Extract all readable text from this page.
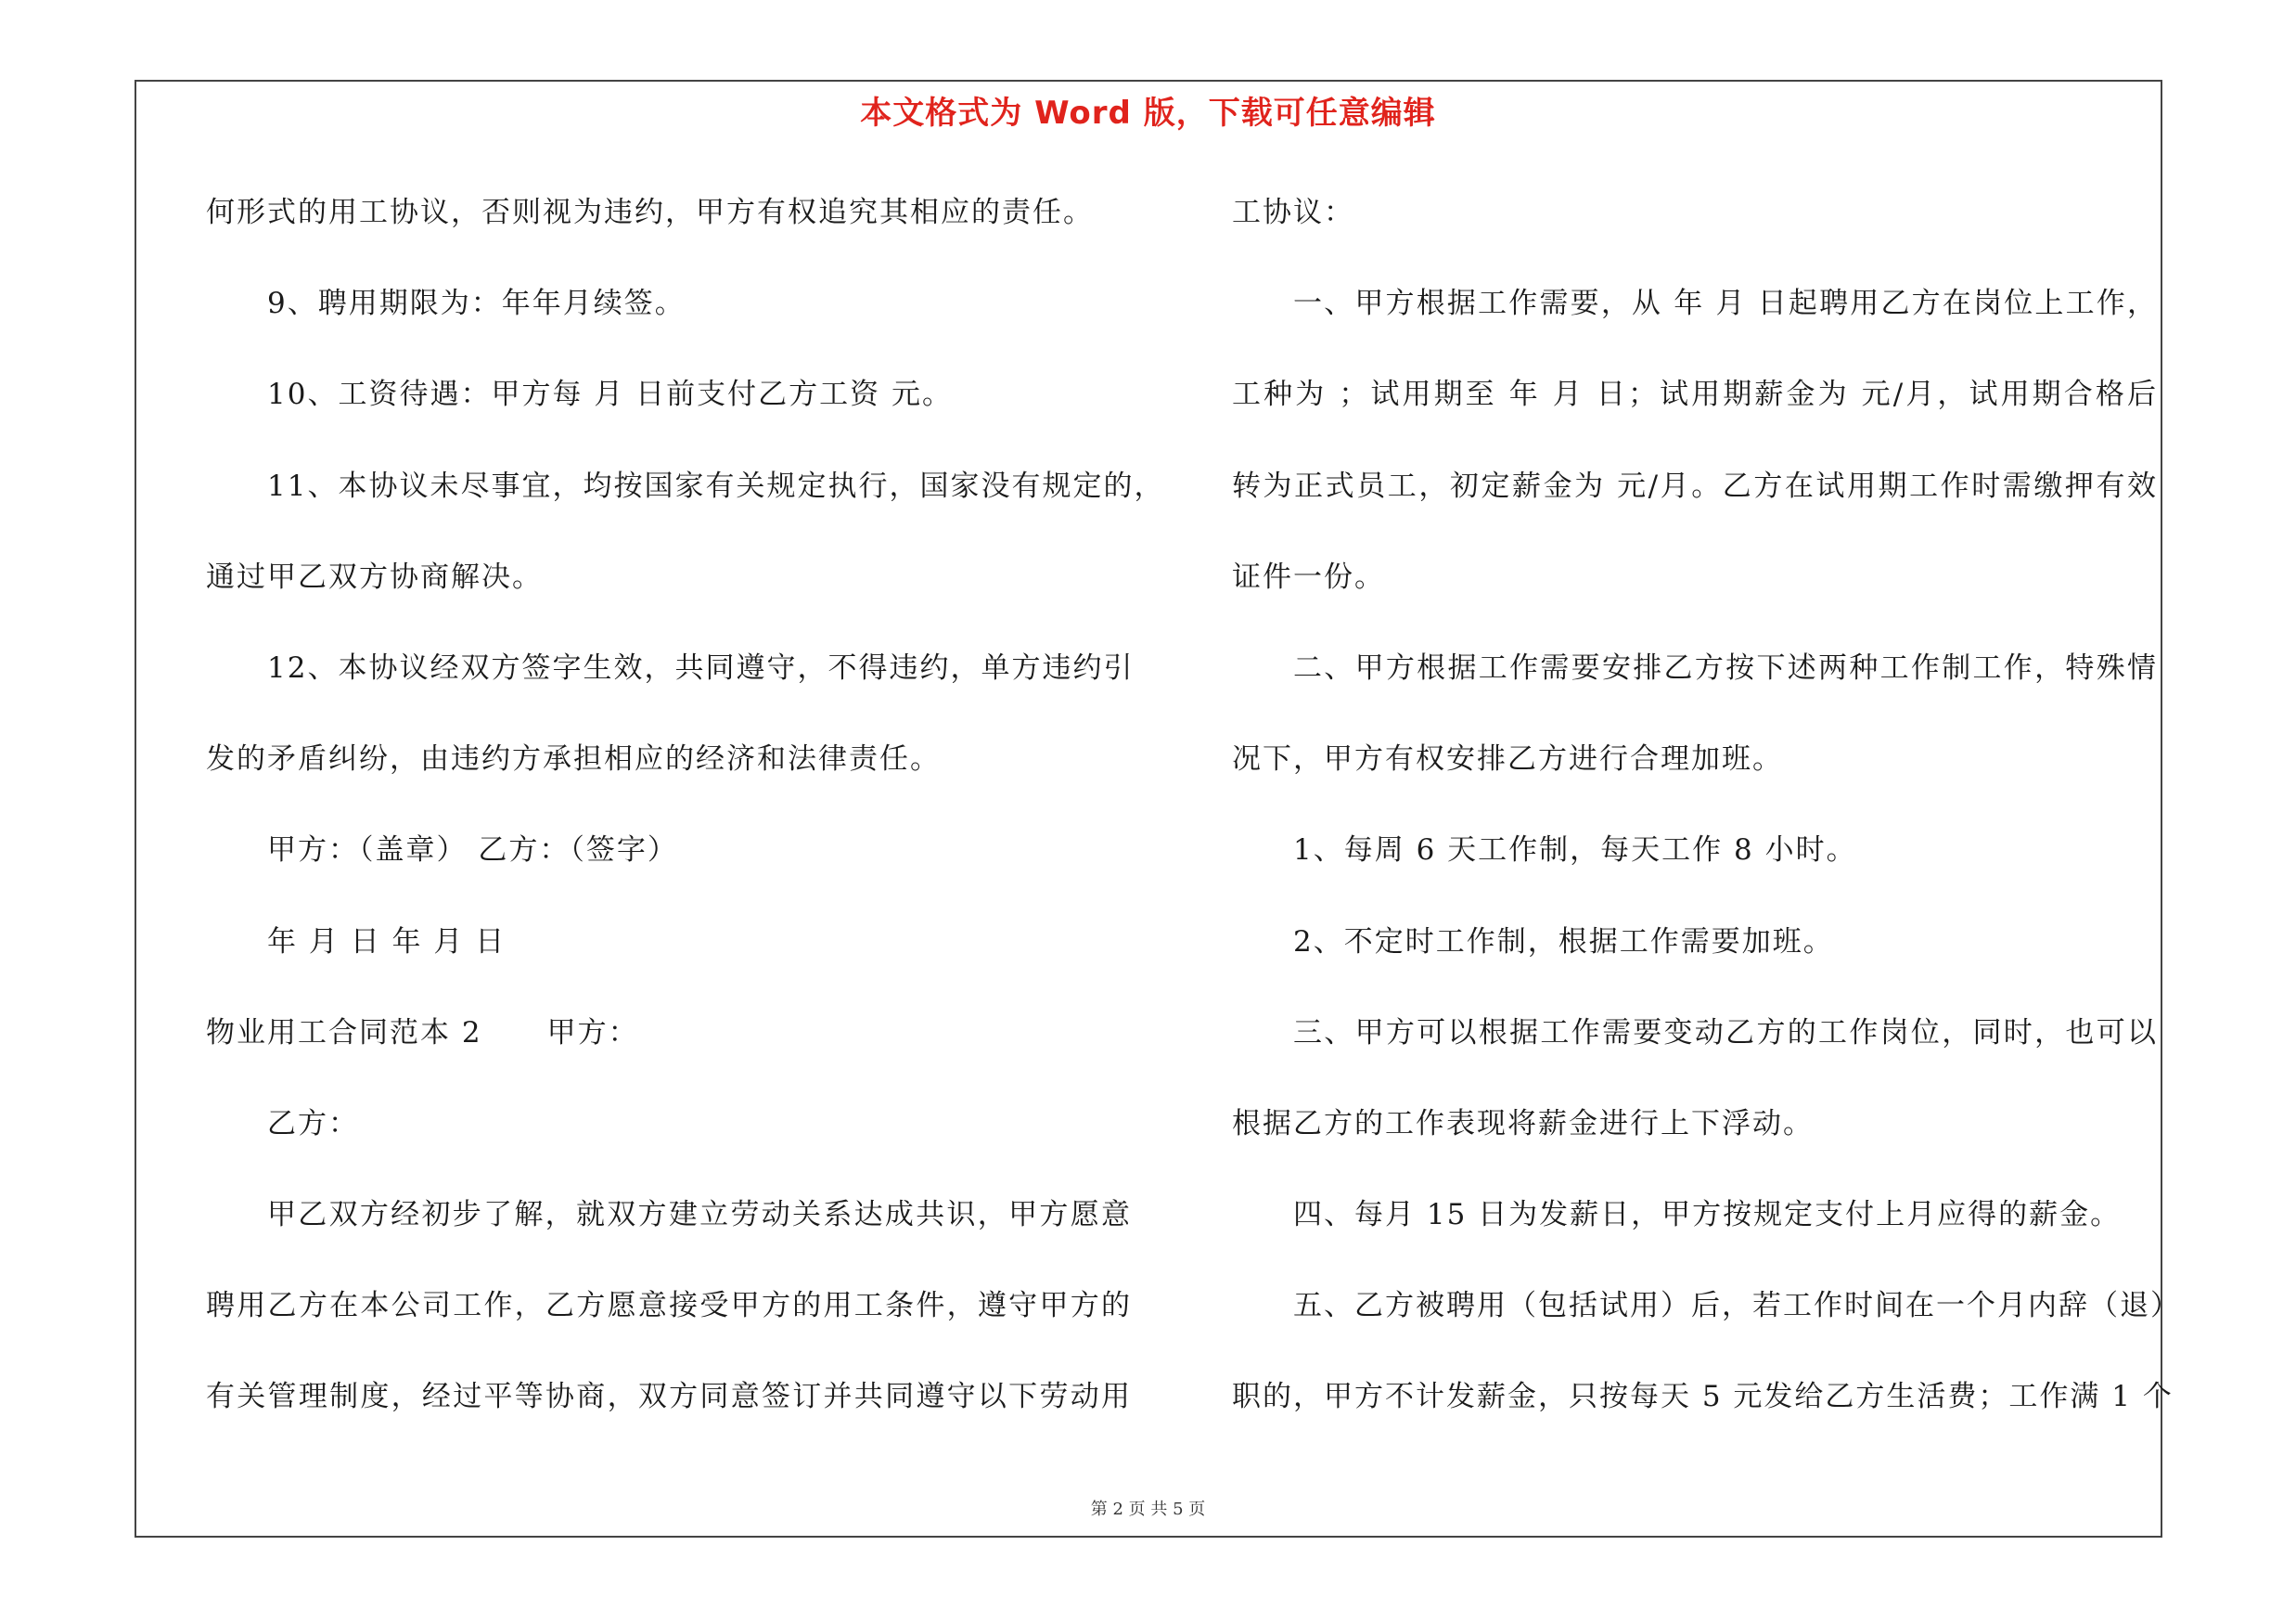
本文格式为 Word 版，下载可任意编辑
何形式的用工协议，否则视为违约，甲方有权追究其相应的责任。
9、聘用期限为：年年月续签。
10、工资待遇：甲方每 月 日前支付乙方工资 元。
11、本协议未尽事宜，均按国家有关规定执行，国家没有规定的，
通过甲乙双方协商解决。
12、本协议经双方签字生效，共同遵守，不得违约，单方违约引
发的矛盾纠纷，由违约方承担相应的经济和法律责任。
甲方：（盖章） 乙方：（签字）
年 月 日 年 月 日
物业用工合同范本 2 甲方：
乙方：
甲乙双方经初步了解，就双方建立劳动关系达成共识，甲方愿意
聘用乙方在本公司工作，乙方愿意接受甲方的用工条件，遵守甲方的
有关管理制度，经过平等协商，双方同意签订并共同遵守以下劳动用
工协议：
一、甲方根据工作需要，从 年 月 日起聘用乙方在岗位上工作，
工种为 ；试用期至 年 月 日；试用期薪金为 元/月，试用期合格后
转为正式员工，初定薪金为 元/月。乙方在试用期工作时需缴押有效
证件一份。
二、甲方根据工作需要安排乙方按下述两种工作制工作，特殊情
况下，甲方有权安排乙方进行合理加班。
1、每周 6 天工作制，每天工作 8 小时。
2、不定时工作制，根据工作需要加班。
三、甲方可以根据工作需要变动乙方的工作岗位，同时，也可以
根据乙方的工作表现将薪金进行上下浮动。
四、每月 15 日为发薪日，甲方按规定支付上月应得的薪金。
五、乙方被聘用（包括试用）后，若工作时间在一个月内辞（退）
职的，甲方不计发薪金，只按每天 5 元发给乙方生活费；工作满 1 个
第 2 页 共 5 页
